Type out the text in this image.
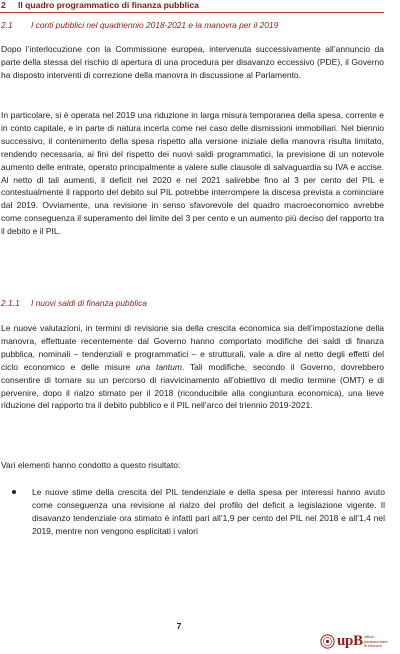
2 Il quadro programmatico di finanza pubblica
2.1 I conti pubblici nel quadriennio 2018-2021 e la manovra per il 2019
Dopo l’interlocuzione con la Commissione europea, intervenuta successivamente all’annuncio da parte della stessa del rischio di apertura di una procedura per disavanzo eccessivo (PDE), il Governo ha disposto interventi di correzione della manovra in discussione al Parlamento.
In particolare, si è operata nel 2019 una riduzione in larga misura temporanea della spesa, corrente e in conto capitale, e in parte di natura incerta come nel caso delle dismissioni immobiliari. Nel biennio successivo, il contenimento della spesa rispetto alla versione iniziale della manovra risulta limitato, rendendo necessaria, ai fini del rispetto dei nuovi saldi programmatici, la previsione di un notevole aumento delle entrate, operato principalmente a valere sulle clausole di salvaguardia su IVA e accise. Al netto di tali aumenti, il deficit nel 2020 e nel 2021 salirebbe fino al 3 per cento del PIL e contestualmente il rapporto del debito sul PIL potrebbe interrompere la discesa prevista a cominciare dal 2019. Ovviamente, una revisione in senso sfavorevole del quadro macroeconomico avrebbe come conseguenza il superamento del limite del 3 per cento e un aumento più deciso del rapporto tra il debito e il PIL.
2.1.1 I nuovi saldi di finanza pubblica
Le nuove valutazioni, in termini di revisione sia della crescita economica sia dell’impostazione della manovra, effettuate recentemente dal Governo hanno comportato modifiche dei saldi di finanza pubblica, nominali – tendenziali e programmatici – e strutturali, vale a dire al netto degli effetti del ciclo economico e delle misure una tantum. Tali modifiche, secondo il Governo, dovrebbero consentire di tornare su un percorso di riavvicinamento all’obiettivo di medio termine (OMT) e di pervenire, dopo il rialzo stimato per il 2018 (riconducibile alla congiuntura economica), una lieve riduzione del rapporto tra il debito pubblico e il PIL nell’arco del triennio 2019-2021.
Vari elementi hanno condotto a questo risultato:
Le nuove stime della crescita del PIL tendenziale e della spesa per interessi hanno avuto come conseguenza una revisione al rialzo del profilo del deficit a legislazione vigente. Il disavanzo tendenziale ora stimato è infatti pari all’1,9 per cento del PIL nel 2018 e all’1,4 nel 2019, mentre non vengono esplicitati i valori
7
upB ufficio
parlamentare
di bilancio
